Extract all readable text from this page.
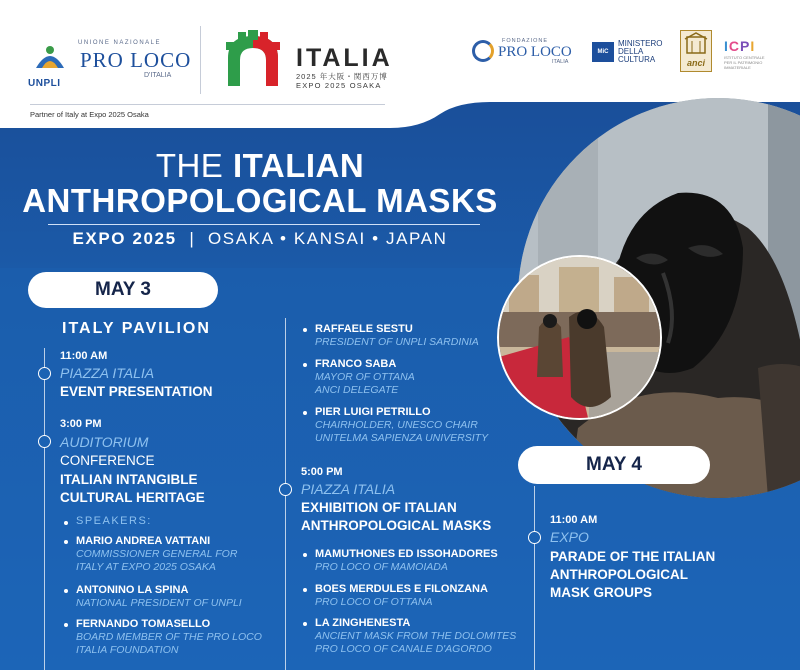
UNPLI
UNIONE NAZIONALE
PRO LOCO
D'ITALIA
ITALIA
2025 年大阪・関西万博
EXPO 2025 OSAKA
Partner of Italy at Expo 2025 Osaka
FONDAZIONE
PRO LOCO
ITALIA
MiC
MINISTERO
DELLA
CULTURA	anci
ICPI
ISTITUTO CENTRALE PER IL PATRIMONIO IMMATERIALE
THE ITALIAN
ANTHROPOLOGICAL MASKS
EXPO 2025  |  OSAKA • KANSAI • JAPAN
MAY 3
MAY 4
ITALY PAVILION
11:00 AM
PIAZZA ITALIA
EVENT PRESENTATION
3:00 PM
AUDITORIUM
CONFERENCE
ITALIAN INTANGIBLE
CULTURAL HERITAGE
SPEAKERS:
MARIO ANDREA VATTANI
COMMISSIONER GENERAL FOR
ITALY AT EXPO 2025 OSAKA
ANTONINO LA SPINA
NATIONAL PRESIDENT OF UNPLI
FERNANDO TOMASELLO
BOARD MEMBER OF THE PRO LOCO
ITALIA FOUNDATION
RAFFAELE SESTU
PRESIDENT OF UNPLI SARDINIA
FRANCO SABA
MAYOR OF OTTANA
ANCI DELEGATE
PIER LUIGI PETRILLO
CHAIRHOLDER, UNESCO CHAIR
UNITELMA SAPIENZA UNIVERSITY
5:00 PM
PIAZZA ITALIA
EXHIBITION OF ITALIAN
ANTHROPOLOGICAL MASKS
MAMUTHONES ED ISSOHADORES
PRO LOCO OF MAMOIADA
BOES MERDULES E FILONZANA
PRO LOCO OF OTTANA
LA ZINGHENESTA
ANCIENT MASK FROM THE DOLOMITES
PRO LOCO OF CANALE D'AGORDO
11:00 AM
EXPO
PARADE OF THE ITALIAN
ANTHROPOLOGICAL
MASK GROUPS
